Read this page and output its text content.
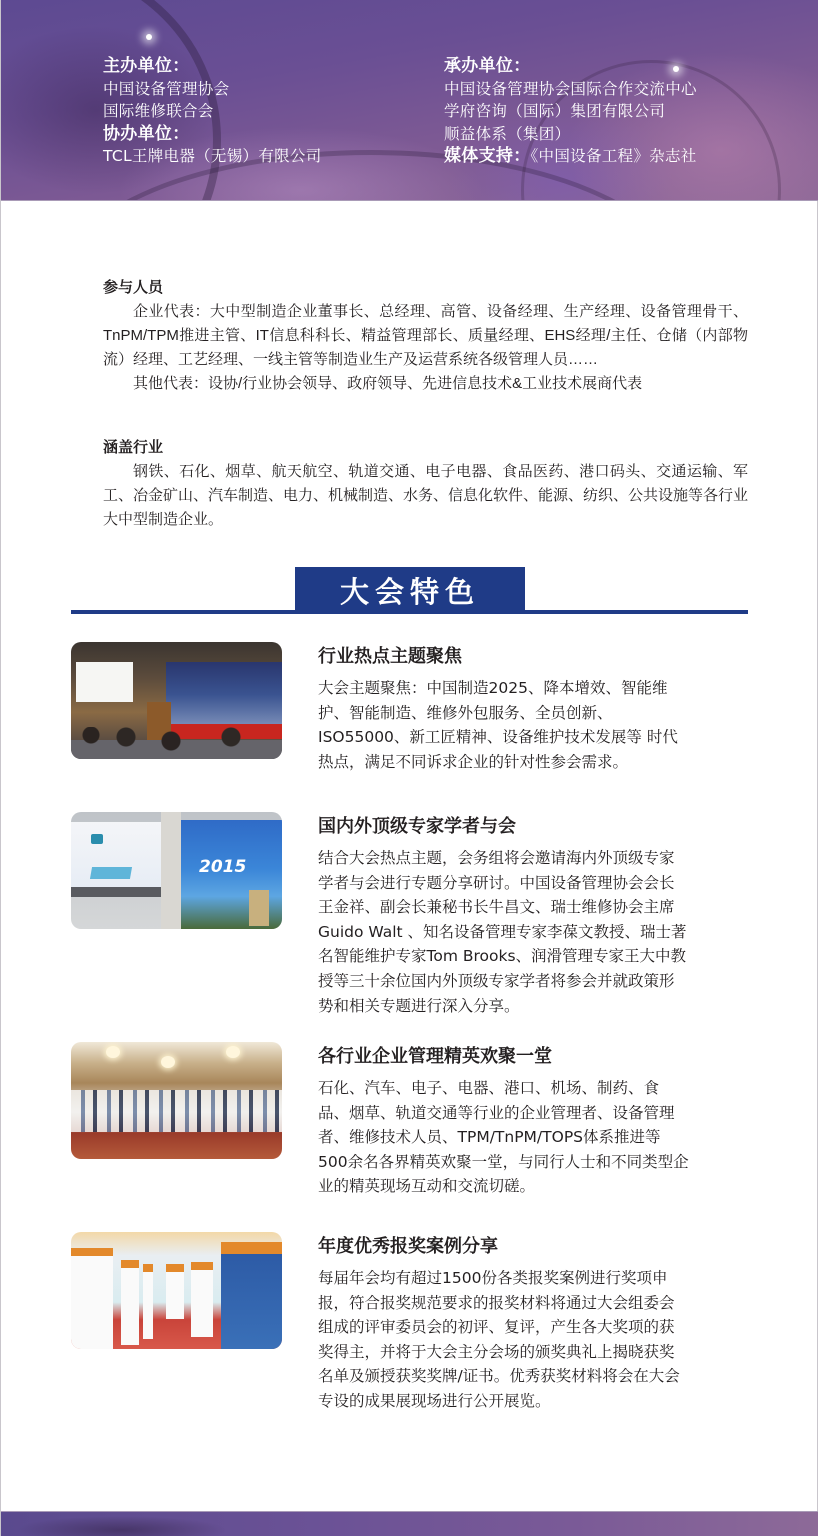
主办单位：
中国设备管理协会
国际维修联合会
协办单位：
TCL王牌电器（无锡）有限公司
承办单位：
中国设备管理协会国际合作交流中心
学府咨询（国际）集团有限公司
顺益体系（集团）
媒体支持：《中国设备工程》杂志社
参与人员

企业代表：大中型制造企业董事长、总经理、高管、设备经理、生产经理、设备管理骨干、TnPM/TPM推进主管、IT信息科科长、精益管理部长、质量经理、EHS经理/主任、仓储（内部物流）经理、工艺经理、一线主管等制造业生产及运营系统各级管理人员……

其他代表：设协/行业协会领导、政府领导、先进信息技术&工业技术展商代表

涵盖行业

钢铁、石化、烟草、航天航空、轨道交通、电子电器、食品医药、港口码头、交通运输、军工、冶金矿山、汽车制造、电力、机械制造、水务、信息化软件、能源、纺织、公共设施等各行业大中型制造企业。

大会特色
行业热点主题聚焦
大会主题聚焦：中国制造2025、降本增效、智能维
护、智能制造、维修外包服务、全员创新、
ISO55000、新工匠精神、设备维护技术发展等 时代
热点，满足不同诉求企业的针对性参会需求。
2015
国内外顶级专家学者与会
结合大会热点主题，会务组将会邀请海内外顶级专家
学者与会进行专题分享研讨。中国设备管理协会会长
王金祥、副会长兼秘书长牛昌文、瑞士维修协会主席
Guido Walt 、知名设备管理专家李葆文教授、瑞士著
名智能维护专家Tom Brooks、润滑管理专家王大中教
授等三十余位国内外顶级专家学者将参会并就政策形
势和相关专题进行深入分享。
各行业企业管理精英欢聚一堂
石化、汽车、电子、电器、港口、机场、制药、食
品、烟草、轨道交通等行业的企业管理者、设备管理
者、维修技术人员、TPM/TnPM/TOPS体系推进等
500余名各界精英欢聚一堂，与同行人士和不同类型企
业的精英现场互动和交流切磋。
年度优秀报奖案例分享
每届年会均有超过1500份各类报奖案例进行奖项申
报，符合报奖规范要求的报奖材料将通过大会组委会
组成的评审委员会的初评、复评，产生各大奖项的获
奖得主，并将于大会主分会场的颁奖典礼上揭晓获奖
名单及颁授获奖奖牌/证书。优秀获奖材料将会在大会
专设的成果展现场进行公开展览。
